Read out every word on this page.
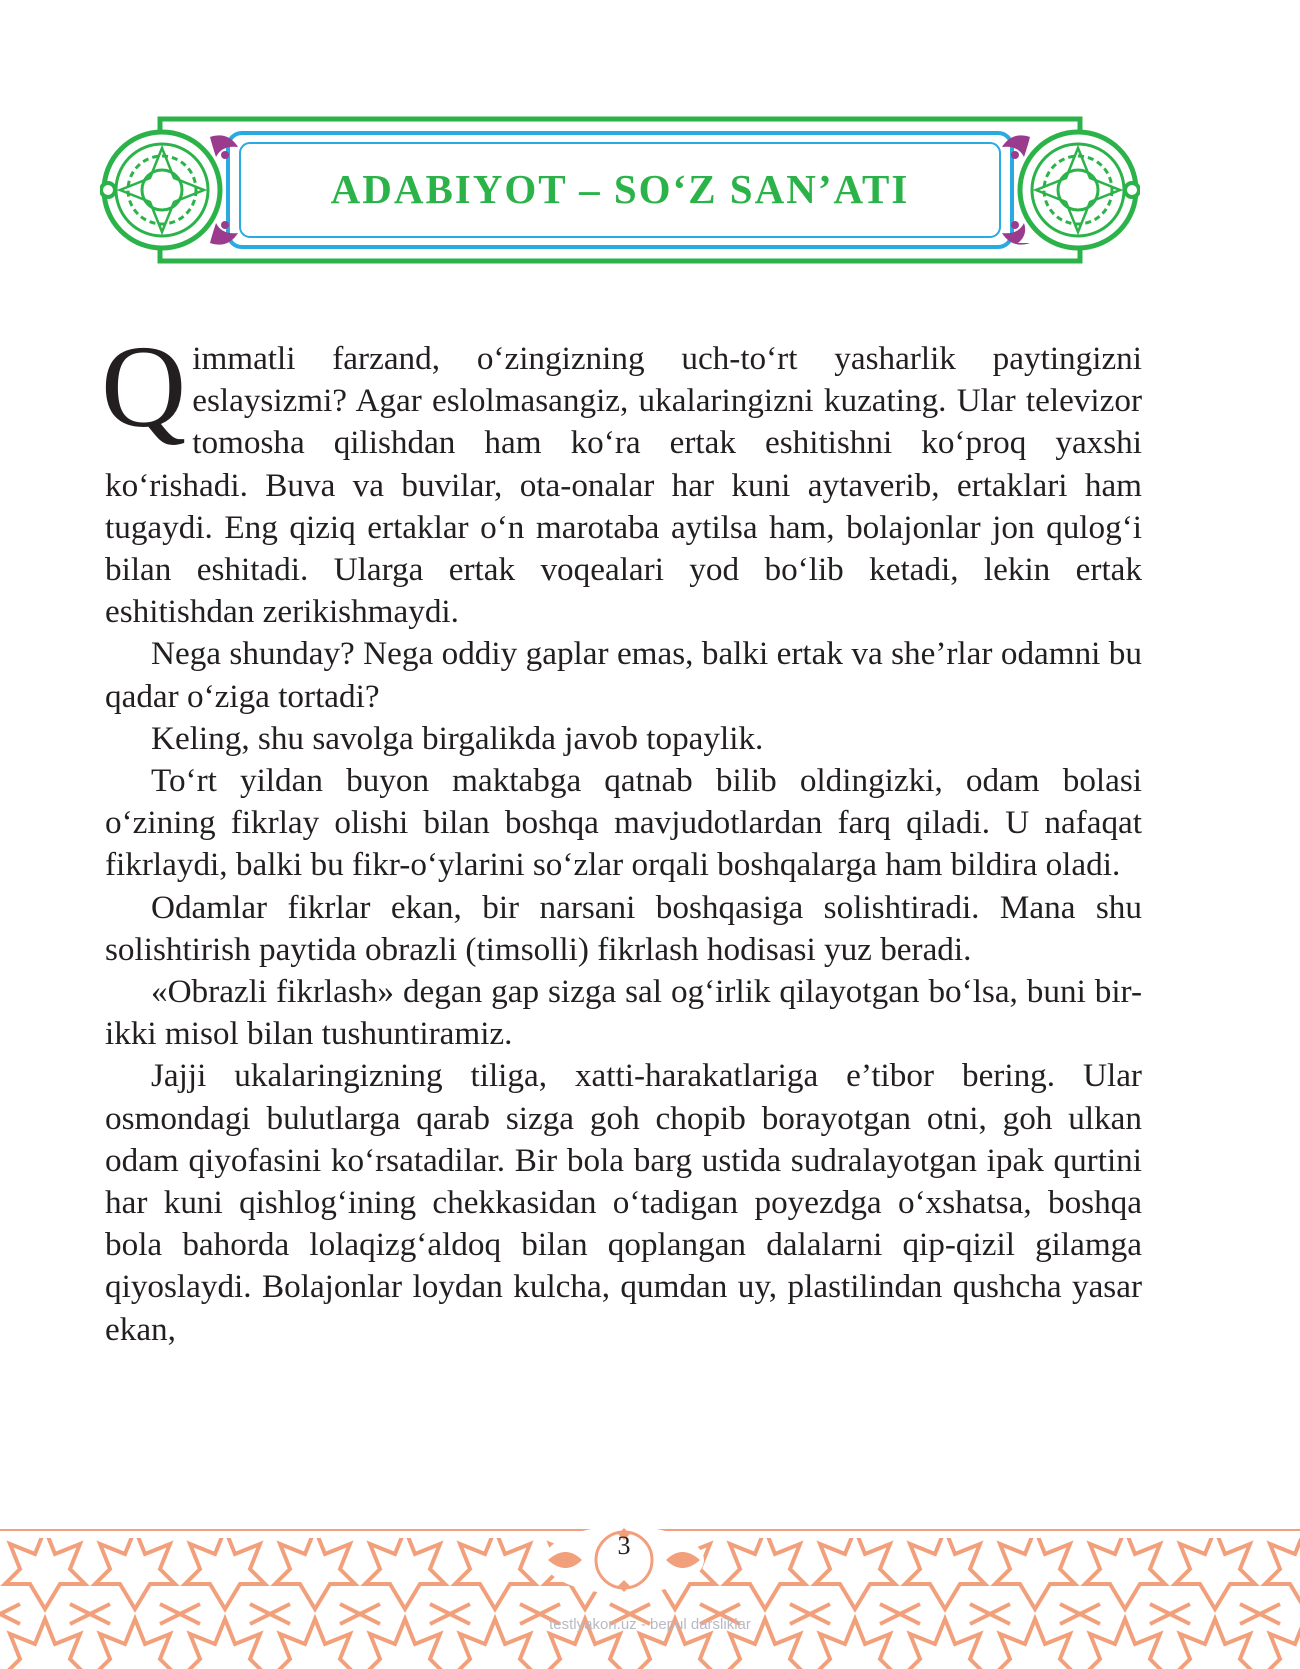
ADABIYOT – SO‘Z SAN’ATI

Qimmatli farzand, o‘zingizning uch-to‘rt yasharlik paytingizni eslaysizmi? Agar eslolmasangiz, ukalaringizni kuzating. Ular televizor tomosha qilishdan ham ko‘ra ertak eshitishni ko‘proq yaxshi ko‘rishadi. Buva va buvilar, ota-onalar har kuni aytaverib, ertaklari ham tugaydi. Eng qiziq ertaklar o‘n marotaba aytilsa ham, bolajonlar jon qulog‘i bilan eshitadi. Ularga ertak voqealari yod bo‘lib ketadi, lekin ertak eshitishdan zerikishmaydi.

Nega shunday? Nega oddiy gaplar emas, balki ertak va she’rlar odamni bu qadar o‘ziga tortadi?

Keling, shu savolga birgalikda javob topaylik.

To‘rt yildan buyon maktabga qatnab bilib oldingizki, odam bolasi o‘zining fikrlay olishi bilan boshqa mavjudotlardan farq qiladi. U nafaqat fikrlaydi, balki bu fikr-o‘ylarini so‘zlar orqali boshqalarga ham bildira oladi.

Odamlar fikrlar ekan, bir narsani boshqasiga solishtiradi. Mana shu solishtirish paytida obrazli (timsolli) fikrlash hodisasi yuz beradi.

«Obrazli fikrlash» degan gap sizga sal og‘irlik qilayotgan bo‘lsa, buni bir-ikki misol bilan tushuntiramiz.

Jajji ukalaringizning tiligа, xatti-harakatlariga e’tibor bering. Ular osmondagi bulutlarga qarab sizga goh chopib borayotgan otni, goh ulkan odam qiyofasini ko‘rsatadilar. Bir bola barg ustida sudralayotgan ipak qurtini har kuni qishlog‘ining chekkasidan o‘tadigan poyezdga o‘xshatsa, boshqa bola bahorda lolaqizg‘aldoq bilan qoplangan dalalarni qip-qizil gilamga qiyoslaydi. Bolajonlar loydan kulcha, qumdan uy, plastilindan qushcha yasar ekan,

3
testlyakon.uz - bepul darsliklar
